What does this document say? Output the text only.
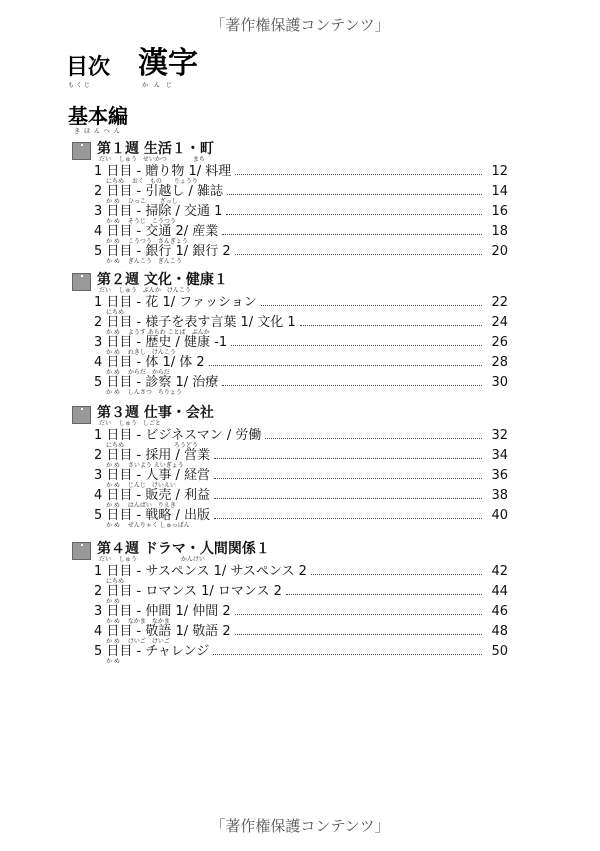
「著作権保護コンテンツ」
目次
もくじ
漢字
かんじ
基本編
きほんへん
第１週 生活１・町
だい　 しゅう　せいかつ　　　　 まち
1 日目 - 贈り物 1/ 料理	12
にちめ　 おく　もの　　りょうり
2 日目 - 引越し / 雑誌	14
か め 　ひっこ　　 ざっし
3 日目 - 掃除 / 交通 1	16
か め 　そうじ　こうつう
4 日目 - 交通 2/ 産業	18
か め 　こうつう　さんぎょう
5 日目 - 銀行 1/ 銀行 2	20
か め 　ぎんこう　ぎんこう
第２週 文化・健康１
だい　 しゅう　ぶんか　けんこう
1 日目 - 花 1/ ファッション	22
にちめ
2 日目 - 様子を表す言葉 1/ 文化 1	24
か め 　ようす あらわ ことば　ぶんか
3 日目 - 歴史 / 健康 -1	26
か め 　れきし　けんこう
4 日目 - 体 1/ 体 2	28
か め 　からだ　からだ
5 日目 - 診察 1/ 治療	30
か め 　しんさつ　ちりょう
第３週 仕事・会社
だい　 しゅう　しごと
1 日目 - ビジネスマン / 労働	32
にちめ　　　　　　　　 ろうどう
2 日目 - 採用 / 営業	34
か め 　さいよう えいぎょう
3 日目 - 人事 / 経営	36
か め 　じんじ　けいえい
4 日目 - 販売 / 利益	38
か め 　はんばい　りえき
5 日目 - 戦略 / 出版	40
か め 　せんりゃく しゅっぱん
第４週 ドラマ・人間関係１
だい　 しゅう　　　　　　　 かんけい
1 日目 - サスペンス 1/ サスペンス 2	42
にちめ
2 日目 - ロマンス 1/ ロマンス 2	44
か め
3 日目 - 仲間 1/ 仲間 2	46
か め 　なかま　なかま
4 日目 - 敬語 1/ 敬語 2	48
か め 　けいご　けいご
5 日目 - チャレンジ	50
か め
「著作権保護コンテンツ」
